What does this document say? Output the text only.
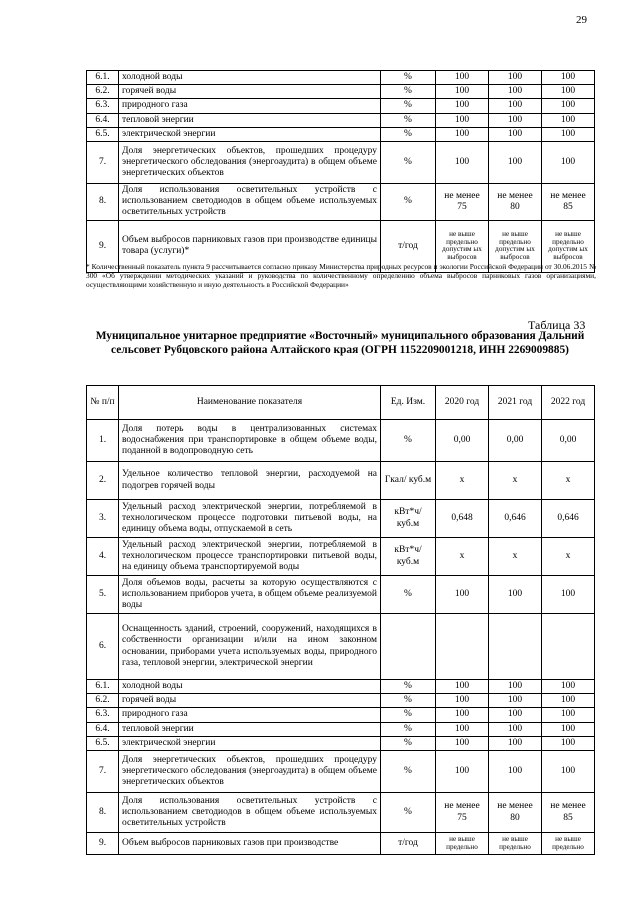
29
6.1.	холодной воды	%	100	100	100
6.2.	горячей воды	%	100	100	100
6.3.	природного газа	%	100	100	100
6.4.	тепловой энергии	%	100	100	100
6.5.	электрической энергии	%	100	100	100
7.	Доля энергетических объектов, прошедших процедуру энергетического обследования (энергоаудита) в общем объеме энергетических объектов	%	100	100	100
8.	Доля использования осветительных устройств с использованием светодиодов в общем объеме используемых осветительных устройств	%	не менее 75	не менее 80	не менее 85
9.	Объем выбросов парниковых газов при производстве единицы товара (услуги)*	т/год	не выше предельно допустим ых выбросов	не выше предельно допустим ых выбросов	не выше предельно допустим ых выбросов
* Количественный показатель пункта 9 рассчитывается согласно приказу Министерства природных ресурсов и экологии Российской Федерации от 30.06.2015 № 300 «Об утверждении методических указаний и руководства по количественному определению объема выбросов парниковых газов организациями, осуществляющими хозяйственную и иную деятельность в Российской Федерации»
Таблица 33
Муниципальное унитарное предприятие «Восточный» муниципального образования Дальний сельсовет Рубцовского района Алтайского края (ОГРН 1152209001218, ИНН 2269009885)
№ п/п	Наименование показателя	Ед. Изм.	2020 год	2021 год	2022 год
1.	Доля потерь воды в централизованных системах водоснабжения при транспортировке в общем объеме воды, поданной в водопроводную сеть	%	0,00	0,00	0,00
2.	Удельное количество тепловой энергии, расходуемой на подогрев горячей воды	Гкал/ куб.м	х	х	х
3.	Удельный расход электрической энергии, потребляемой в технологическом процессе подготовки питьевой воды, на единицу объема воды, отпускаемой в сеть	кВт*ч/ куб.м	0,648	0,646	0,646
4.	Удельный расход электрической энергии, потребляемой в технологическом процессе транспортировки питьевой воды, на единицу объема транспортируемой воды	кВт*ч/ куб.м	х	х	х
5.	Доля объемов воды, расчеты за которую осуществляются с использованием приборов учета, в общем объеме реализуемой воды	%	100	100	100
6.	Оснащенность зданий, строений, сооружений, находящихся в собственности организации и/или на ином законном основании, приборами учета используемых воды, природного газа, тепловой энергии, электрической энергии				
6.1.	холодной воды	%	100	100	100
6.2.	горячей воды	%	100	100	100
6.3.	природного газа	%	100	100	100
6.4.	тепловой энергии	%	100	100	100
6.5.	электрической энергии	%	100	100	100
7.	Доля энергетических объектов, прошедших процедуру энергетического обследования (энергоаудита) в общем объеме энергетических объектов	%	100	100	100
8.	Доля использования осветительных устройств с использованием светодиодов в общем объеме используемых осветительных устройств	%	не менее 75	не менее 80	не менее 85
9.	Объем выбросов парниковых газов при производстве	т/год	не выше предельно	не выше предельно	не выше предельно
